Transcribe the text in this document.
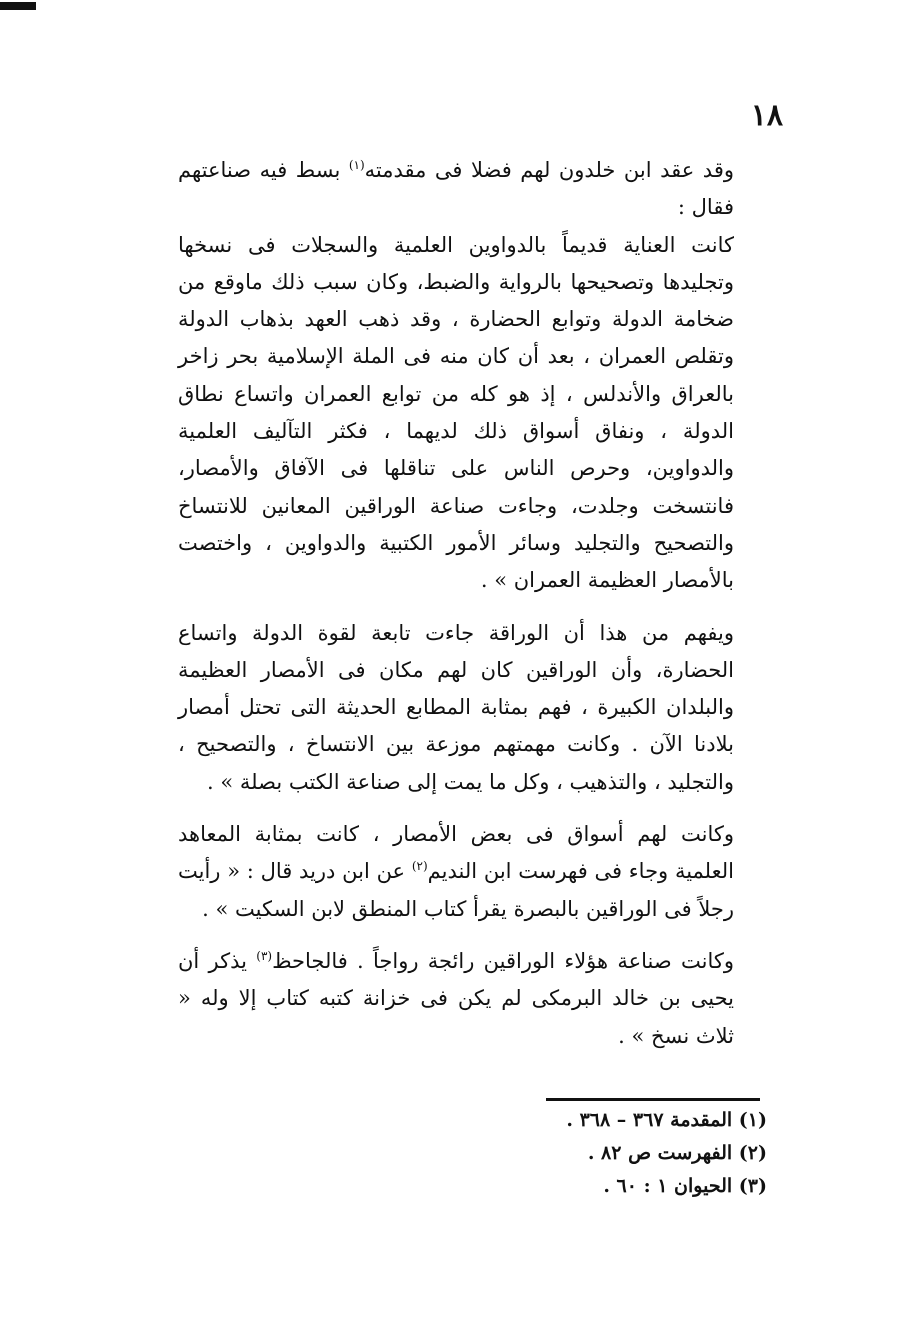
١٨

وقد عقد ابن خلدون لهم فضلا فى مقدمته$^{(١)}$ بسط فيه صناعتهم فقال :

كانت العناية قديماً بالدواوين العلمية والسجلات فى نسخها وتجليدها وتصحيحها بالرواية والضبط، وكان سبب ذلك ماوقع من ضخامة الدولة وتوابع الحضارة ، وقد ذهب العهد بذهاب الدولة وتقلص العمران ، بعد أن كان منه فى الملة الإسلامية بحر زاخر بالعراق والأندلس ، إذ هو كله من توابع العمران واتساع نطاق الدولة ، ونفاق أسواق ذلك لديهما ، فكثر التآليف العلمية والدواوين، وحرص الناس على تناقلها فى الآفاق والأمصار، فانتسخت وجلدت، وجاءت صناعة الوراقين المعانين للانتساخ والتصحيح والتجليد وسائر الأمور الكتبية والدواوين ، واختصت بالأمصار العظيمة العمران » .

ويفهم من هذا أن الوراقة جاءت تابعة لقوة الدولة واتساع الحضارة، وأن الوراقين كان لهم مكان فى الأمصار العظيمة والبلدان الكبيرة ، فهم بمثابة المطابع الحديثة التى تحتل أمصار بلادنا الآن . وكانت مهمتهم موزعة بين الانتساخ ، والتصحيح ، والتجليد ، والتذهيب ، وكل ما يمت إلى صناعة الكتب بصلة » .

وكانت لهم أسواق فى بعض الأمصار ، كانت بمثابة المعاهد العلمية وجاء فى فهرست ابن النديم$^{(٢)}$ عن ابن دريد قال : « رأيت رجلاً فى الوراقين بالبصرة يقرأ كتاب المنطق لابن السكيت » .

وكانت صناعة هؤلاء الوراقين رائجة رواجاً . فالجاحظ$^{(٣)}$ يذكر أن يحيى بن خالد البرمكى لم يكن فى خزانة كتبه كتاب إلا وله « ثلاث نسخ » .

(١) المقدمة ٣٦٧ – ٣٦٨ .
(٢) الفهرست ص ٨٢ .
(٣) الحيوان ١ : ٦٠ .
